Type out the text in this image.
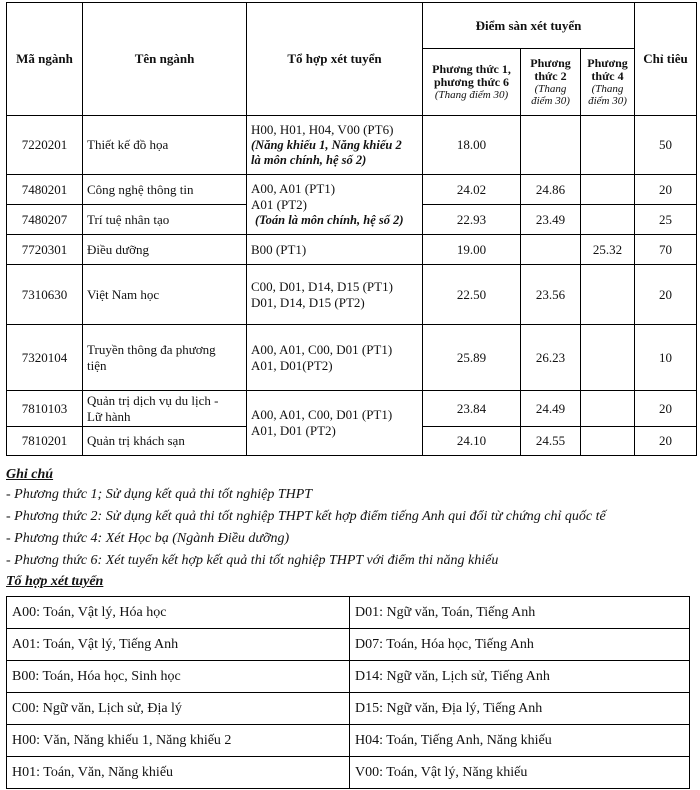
Mã ngành	Tên ngành	Tổ hợp xét tuyển	Điểm sàn xét tuyển			Chỉ tiêu

			Phương thức 1,
phương thức 6
(Thang điểm 30)	Phương
thức 2
(Thang
điểm 30)	Phương
thức 4
(Thang
điểm 30)	

7220201	Thiết kế đồ họa	H00, H01, H04, V00 (PT6)
(Năng khiếu 1, Năng khiếu 2
là môn chính, hệ số 2)	18.00			50
7480201	Công nghệ thông tin	A00, A01 (PT1)
A01 (PT2)
(Toán là môn chính, hệ số 2)	24.02	24.86		20
7480207	Trí tuệ nhân tạo		22.93	23.49		25
7720301	Điều dưỡng	B00 (PT1)	19.00		25.32	70
7310630	Việt Nam học	C00, D01, D14, D15 (PT1)
D01, D14, D15 (PT2)	22.50	23.56		20
7320104	Truyền thông đa phương
tiện	A00, A01, C00, D01 (PT1)
A01, D01(PT2)	25.89	26.23		10
7810103	Quản trị dịch vụ du lịch -
Lữ hành	A00, A01, C00, D01 (PT1)
A01, D01 (PT2)	23.84	24.49		20
7810201	Quản trị khách sạn		24.10	24.55		20
Ghi chú
- Phương thức 1; Sử dụng kết quả thi tốt nghiệp THPT
- Phương thức 2: Sử dụng kết quả thi tốt nghiệp THPT kết hợp điểm tiếng Anh qui đổi từ chứng chỉ quốc tế
- Phương thức 4: Xét Học bạ (Ngành Điều dưỡng)
- Phương thức 6: Xét tuyển kết hợp kết quả thi tốt nghiệp THPT với điểm thi năng khiếu
Tổ hợp xét tuyển
A00: Toán, Vật lý, Hóa học	D01: Ngữ văn, Toán, Tiếng Anh
A01: Toán, Vật lý, Tiếng Anh	D07: Toán, Hóa học, Tiếng Anh
B00: Toán, Hóa học, Sinh học	D14: Ngữ văn, Lịch sử, Tiếng Anh
C00: Ngữ văn, Lịch sử, Địa lý	D15: Ngữ văn, Địa lý, Tiếng Anh
H00: Văn, Năng khiếu 1, Năng khiếu 2	H04: Toán, Tiếng Anh, Năng khiếu
H01: Toán, Văn, Năng khiếu	V00: Toán, Vật lý, Năng khiếu
